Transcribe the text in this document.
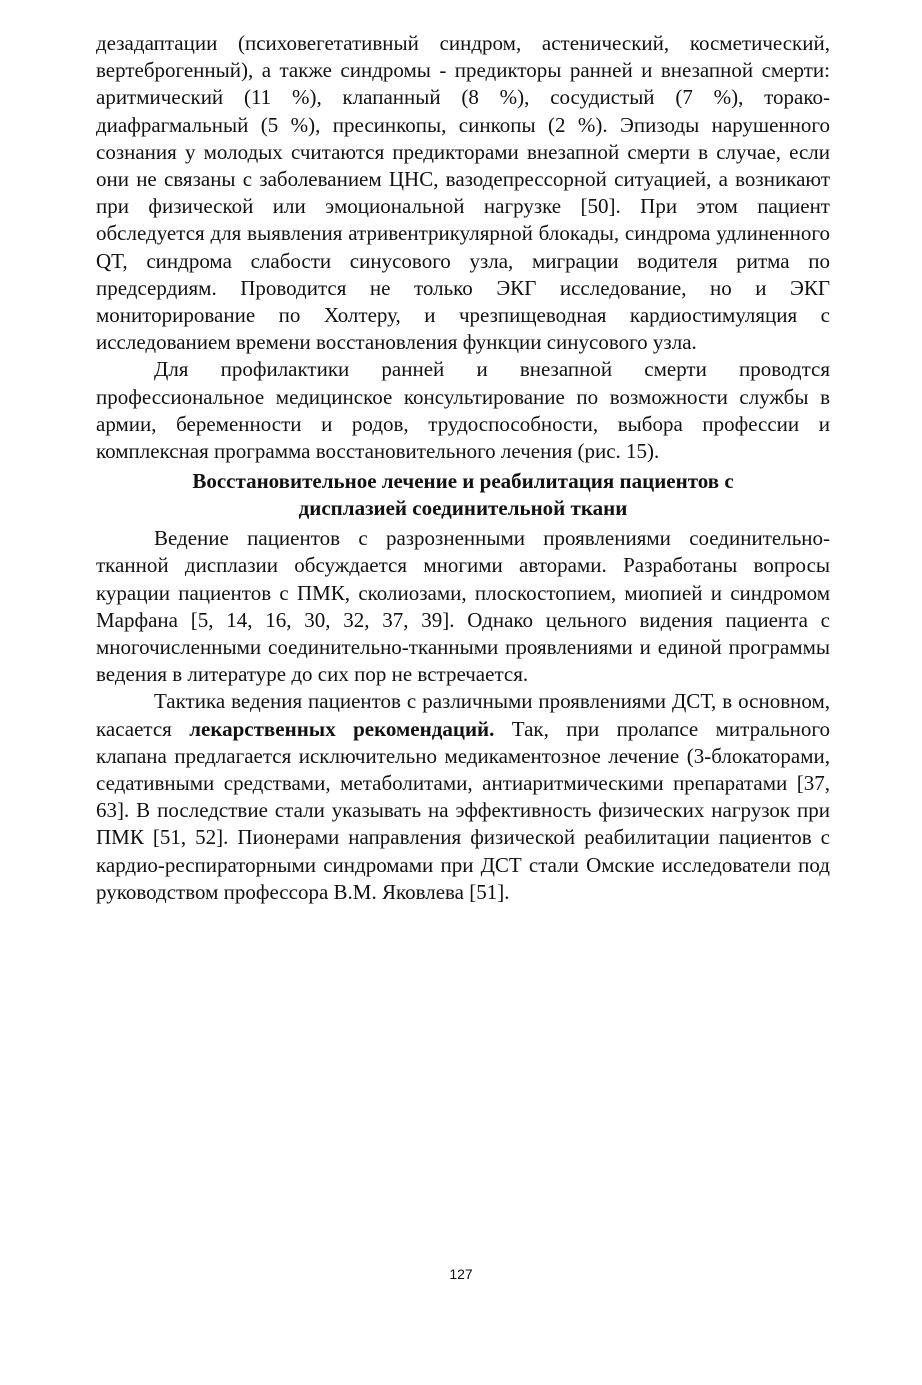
дезадаптации (психовегетативный синдром, астенический, косметический, вертеброгенный), а также синдромы - предикторы ранней и внезапной смерти: аритмический (11 %), клапанный (8 %), сосудистый (7 %), торако-диафрагмальный (5 %), пресинкопы, синкопы (2 %). Эпизоды нарушенного сознания у молодых считаются предикторами внезапной смерти в случае, если они не связаны с заболеванием ЦНС, вазодепрессорной ситуацией, а возникают при физической или эмоциональной нагрузке [50]. При этом пациент обследуется для выявления атривентрикулярной блокады, синдрома удлиненного QT, синдрома слабости синусового узла, миграции водителя ритма по предсердиям. Проводится не только ЭКГ исследование, но и ЭКГ мониторирование по Холтеру, и чрезпищеводная кардиостимуляция с исследованием времени восстановления функции синусового узла.

Для профилактики ранней и внезапной смерти проводтся профессиональное медицинское консультирование по возможности службы в армии, беременности и родов, трудоспособности, выбора профессии и комплексная программа восстановительного лечения (рис. 15).

Восстановительное лечение и реабилитация пациентов с
дисплазией соединительной ткани

Ведение пациентов с разрозненными проявлениями соединительно-тканной дисплазии обсуждается многими авторами. Разработаны вопросы курации пациентов с ПМК, сколиозами, плоскостопием, миопией и синдромом Марфана [5, 14, 16, 30, 32, 37, 39]. Однако цельного видения пациента с многочисленными соединительно-тканными проявлениями и единой программы ведения в литературе до сих пор не встречается.

Тактика ведения пациентов с различными проявлениями ДСТ, в основном, касается лекарственных рекомендаций. Так, при пролапсе митрального клапана предлагается исключительно медикаментозное лечение (3-блокаторами, седативными средствами, метаболитами, антиаритмическими препаратами [37, 63]. В последствие стали указывать на эффективность физических нагрузок при ПМК [51, 52]. Пионерами направления физической реабилитации пациентов с кардио-респираторными синдромами при ДСТ стали Омские исследователи под руководством профессора В.М. Яковлева [51].

127
